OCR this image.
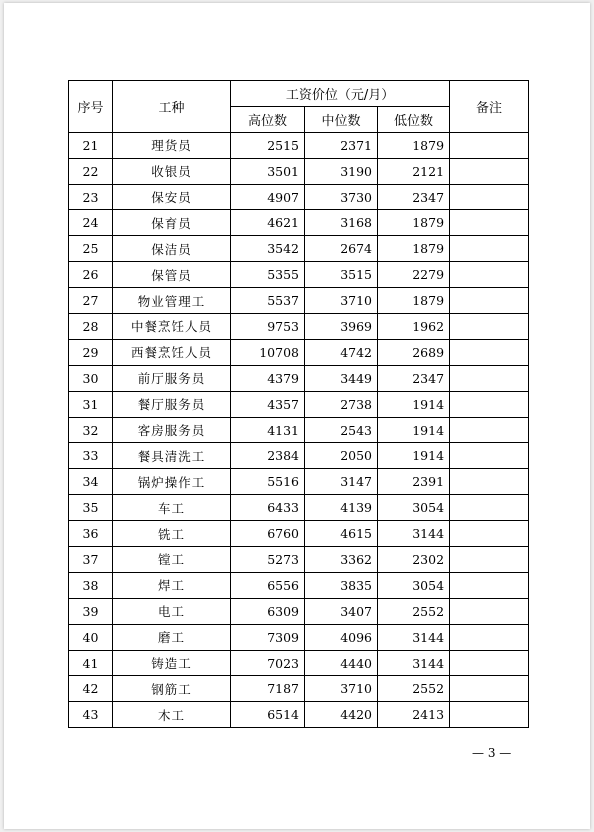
序号	工种	工资价位（元/月）			备注
		高位数	中位数	低位数	
21	理货员	2515	2371	1879	
22	收银员	3501	3190	2121	
23	保安员	4907	3730	2347	
24	保育员	4621	3168	1879	
25	保洁员	3542	2674	1879	
26	保管员	5355	3515	2279	
27	物业管理工	5537	3710	1879	
28	中餐烹饪人员	9753	3969	1962	
29	西餐烹饪人员	10708	4742	2689	
30	前厅服务员	4379	3449	2347	
31	餐厅服务员	4357	2738	1914	
32	客房服务员	4131	2543	1914	
33	餐具清洗工	2384	2050	1914	
34	锅炉操作工	5516	3147	2391	
35	车工	6433	4139	3054	
36	铣工	6760	4615	3144	
37	镗工	5273	3362	2302	
38	焊工	6556	3835	3054	
39	电工	6309	3407	2552	
40	磨工	7309	4096	3144	
41	铸造工	7023	4440	3144	
42	钢筋工	7187	3710	2552	
43	木工	6514	4420	2413	
— 3 —
